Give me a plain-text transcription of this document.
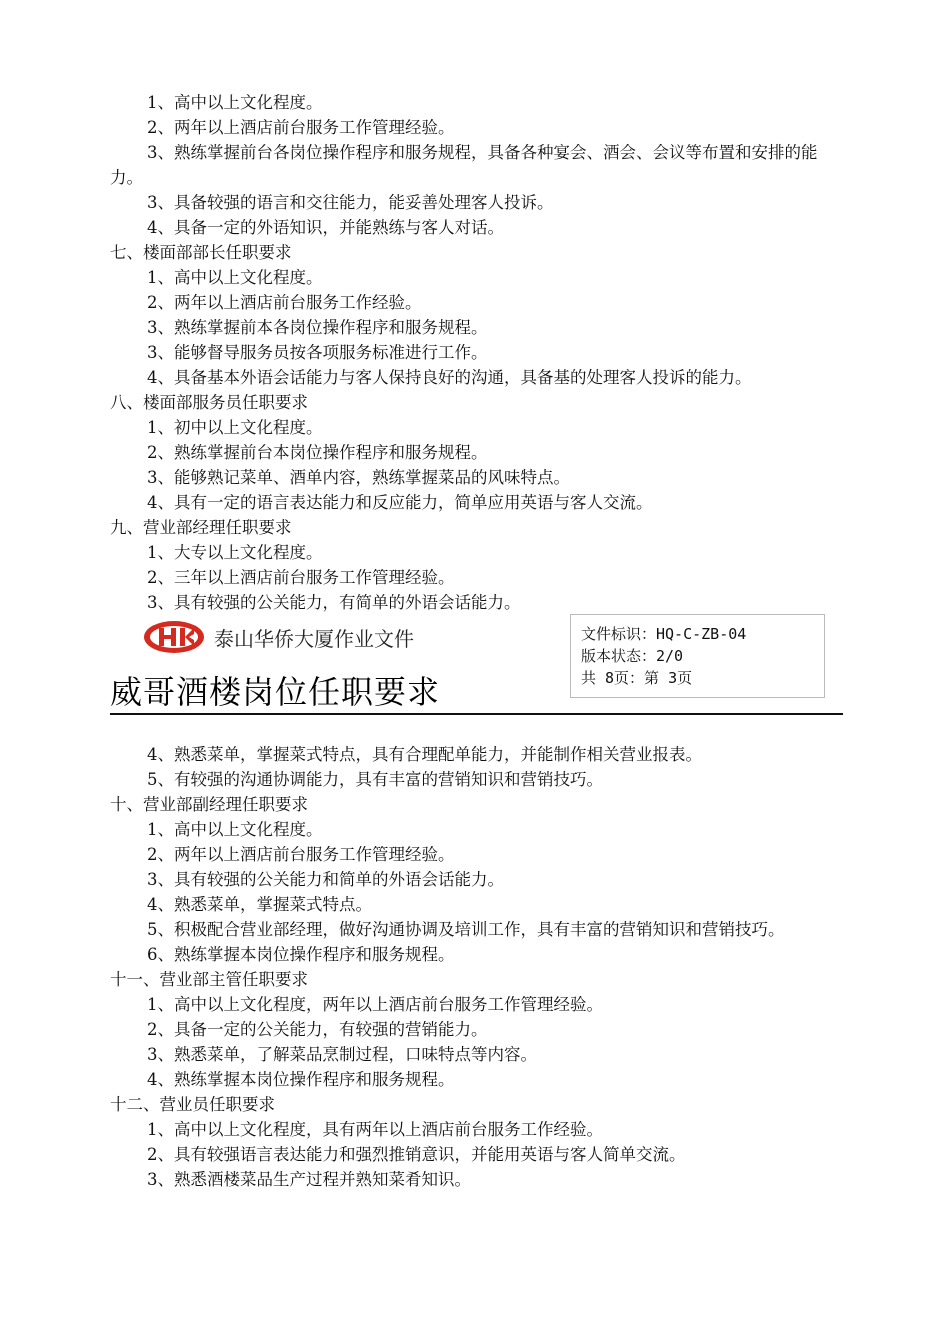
1、高中以上文化程度。
2、两年以上酒店前台服务工作管理经验。
3、熟练掌握前台各岗位操作程序和服务规程，具备各种宴会、酒会、会议等布置和安排的能力。
3、具备较强的语言和交往能力，能妥善处理客人投诉。
4、具备一定的外语知识，并能熟练与客人对话。
七、楼面部部长任职要求
1、高中以上文化程度。
2、两年以上酒店前台服务工作经验。
3、熟练掌握前本各岗位操作程序和服务规程。
3、能够督导服务员按各项服务标准进行工作。
4、具备基本外语会话能力与客人保持良好的沟通，具备基的处理客人投诉的能力。
八、楼面部服务员任职要求
1、初中以上文化程度。
2、熟练掌握前台本岗位操作程序和服务规程。
3、能够熟记菜单、酒单内容，熟练掌握菜品的风味特点。
4、具有一定的语言表达能力和反应能力，简单应用英语与客人交流。
九、营业部经理任职要求
1、大专以上文化程度。
2、三年以上酒店前台服务工作管理经验。
3、具有较强的公关能力，有简单的外语会话能力。
泰山华侨大厦作业文件
威哥酒楼岗位任职要求
文件标识：HQ-C-ZB-04
版本状态：2/0
共 8页：第 3页
4、熟悉菜单，掌握菜式特点，具有合理配单能力，并能制作相关营业报表。
5、有较强的沟通协调能力，具有丰富的营销知识和营销技巧。
十、营业部副经理任职要求
1、高中以上文化程度。
2、两年以上酒店前台服务工作管理经验。
3、具有较强的公关能力和简单的外语会话能力。
4、熟悉菜单，掌握菜式特点。
5、积极配合营业部经理，做好沟通协调及培训工作，具有丰富的营销知识和营销技巧。
6、熟练掌握本岗位操作程序和服务规程。
十一、营业部主管任职要求
1、高中以上文化程度，两年以上酒店前台服务工作管理经验。
2、具备一定的公关能力，有较强的营销能力。
3、熟悉菜单，了解菜品烹制过程，口味特点等内容。
4、熟练掌握本岗位操作程序和服务规程。
十二、营业员任职要求
1、高中以上文化程度，具有两年以上酒店前台服务工作经验。
2、具有较强语言表达能力和强烈推销意识，并能用英语与客人简单交流。
3、熟悉酒楼菜品生产过程并熟知菜肴知识。
